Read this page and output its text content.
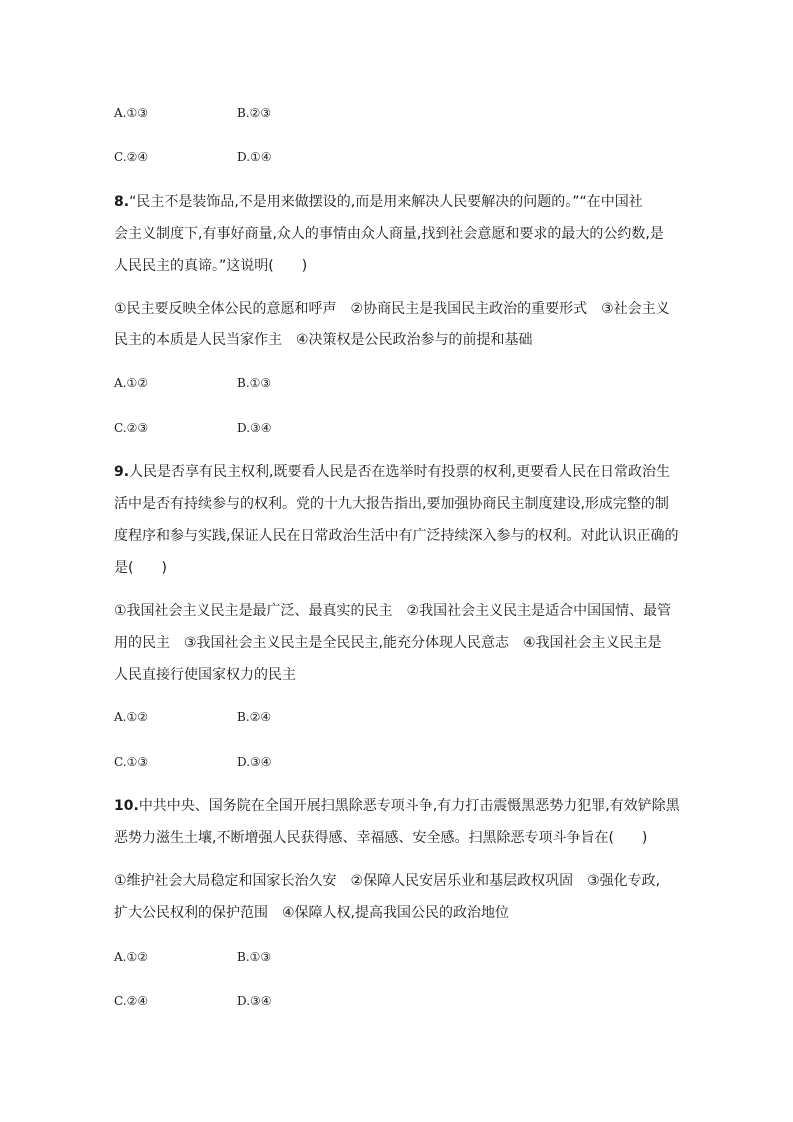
A.①③	B.②③
C.②④	D.①④
8.“民主不是装饰品,不是用来做摆设的,而是用来解决人民要解决的问题的。”“在中国社
会主义制度下,有事好商量,众人的事情由众人商量,找到社会意愿和要求的最大的公约数,是
人民民主的真谛。”这说明(　　)
①民主要反映全体公民的意愿和呼声　②协商民主是我国民主政治的重要形式　③社会主义
民主的本质是人民当家作主　④决策权是公民政治参与的前提和基础
A.①②	B.①③
C.②③	D.③④
9.人民是否享有民主权利,既要看人民是否在选举时有投票的权利,更要看人民在日常政治生
活中是否有持续参与的权利。党的十九大报告指出,要加强协商民主制度建设,形成完整的制
度程序和参与实践,保证人民在日常政治生活中有广泛持续深入参与的权利。对此认识正确的
是(　　)
①我国社会主义民主是最广泛、最真实的民主　②我国社会主义民主是适合中国国情、最管
用的民主　③我国社会主义民主是全民民主,能充分体现人民意志　④我国社会主义民主是
人民直接行使国家权力的民主
A.①②	B.②④
C.①③	D.③④
10.中共中央、国务院在全国开展扫黑除恶专项斗争,有力打击震慑黑恶势力犯罪,有效铲除黑
恶势力滋生土壤,不断增强人民获得感、幸福感、安全感。扫黑除恶专项斗争旨在(　　)
①维护社会大局稳定和国家长治久安　②保障人民安居乐业和基层政权巩固　③强化专政,
扩大公民权利的保护范围　④保障人权,提高我国公民的政治地位
A.①②	B.①③
C.②④	D.③④
